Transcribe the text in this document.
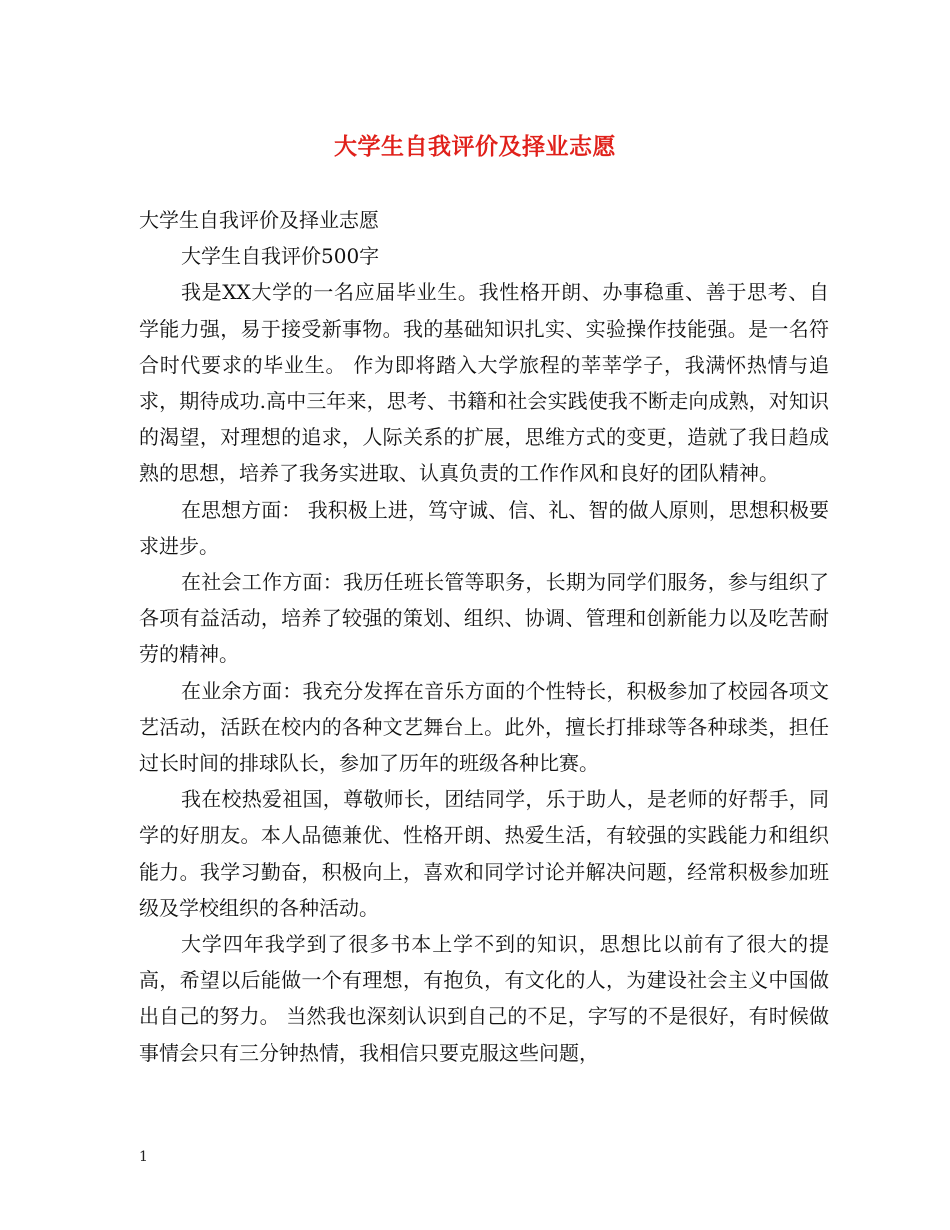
大学生自我评价及择业志愿

大学生自我评价及择业志愿

大学生自我评价500字

我是XX大学的一名应届毕业生。我性格开朗、办事稳重、善于思考、自学能力强，易于接受新事物。我的基础知识扎实、实验操作技能强。是一名符合时代要求的毕业生。 作为即将踏入大学旅程的莘莘学子，我满怀热情与追求，期待成功.高中三年来，思考、书籍和社会实践使我不断走向成熟，对知识的渴望，对理想的追求，人际关系的扩展，思维方式的变更，造就了我日趋成熟的思想，培养了我务实进取、认真负责的工作作风和良好的团队精神。

在思想方面： 我积极上进，笃守诚、信、礼、智的做人原则，思想积极要求进步。

在社会工作方面：我历任班长管等职务，长期为同学们服务，参与组织了各项有益活动，培养了较强的策划、组织、协调、管理和创新能力以及吃苦耐劳的精神。

在业余方面：我充分发挥在音乐方面的个性特长，积极参加了校园各项文艺活动，活跃在校内的各种文艺舞台上。此外，擅长打排球等各种球类，担任过长时间的排球队长，参加了历年的班级各种比赛。

我在校热爱祖国，尊敬师长，团结同学，乐于助人，是老师的好帮手，同学的好朋友。本人品德兼优、性格开朗、热爱生活，有较强的实践能力和组织能力。我学习勤奋，积极向上，喜欢和同学讨论并解决问题，经常积极参加班级及学校组织的各种活动。

大学四年我学到了很多书本上学不到的知识，思想比以前有了很大的提高，希望以后能做一个有理想，有抱负，有文化的人，为建设社会主义中国做出自己的努力。 当然我也深刻认识到自己的不足，字写的不是很好，有时候做事情会只有三分钟热情，我相信只要克服这些问题，

1
